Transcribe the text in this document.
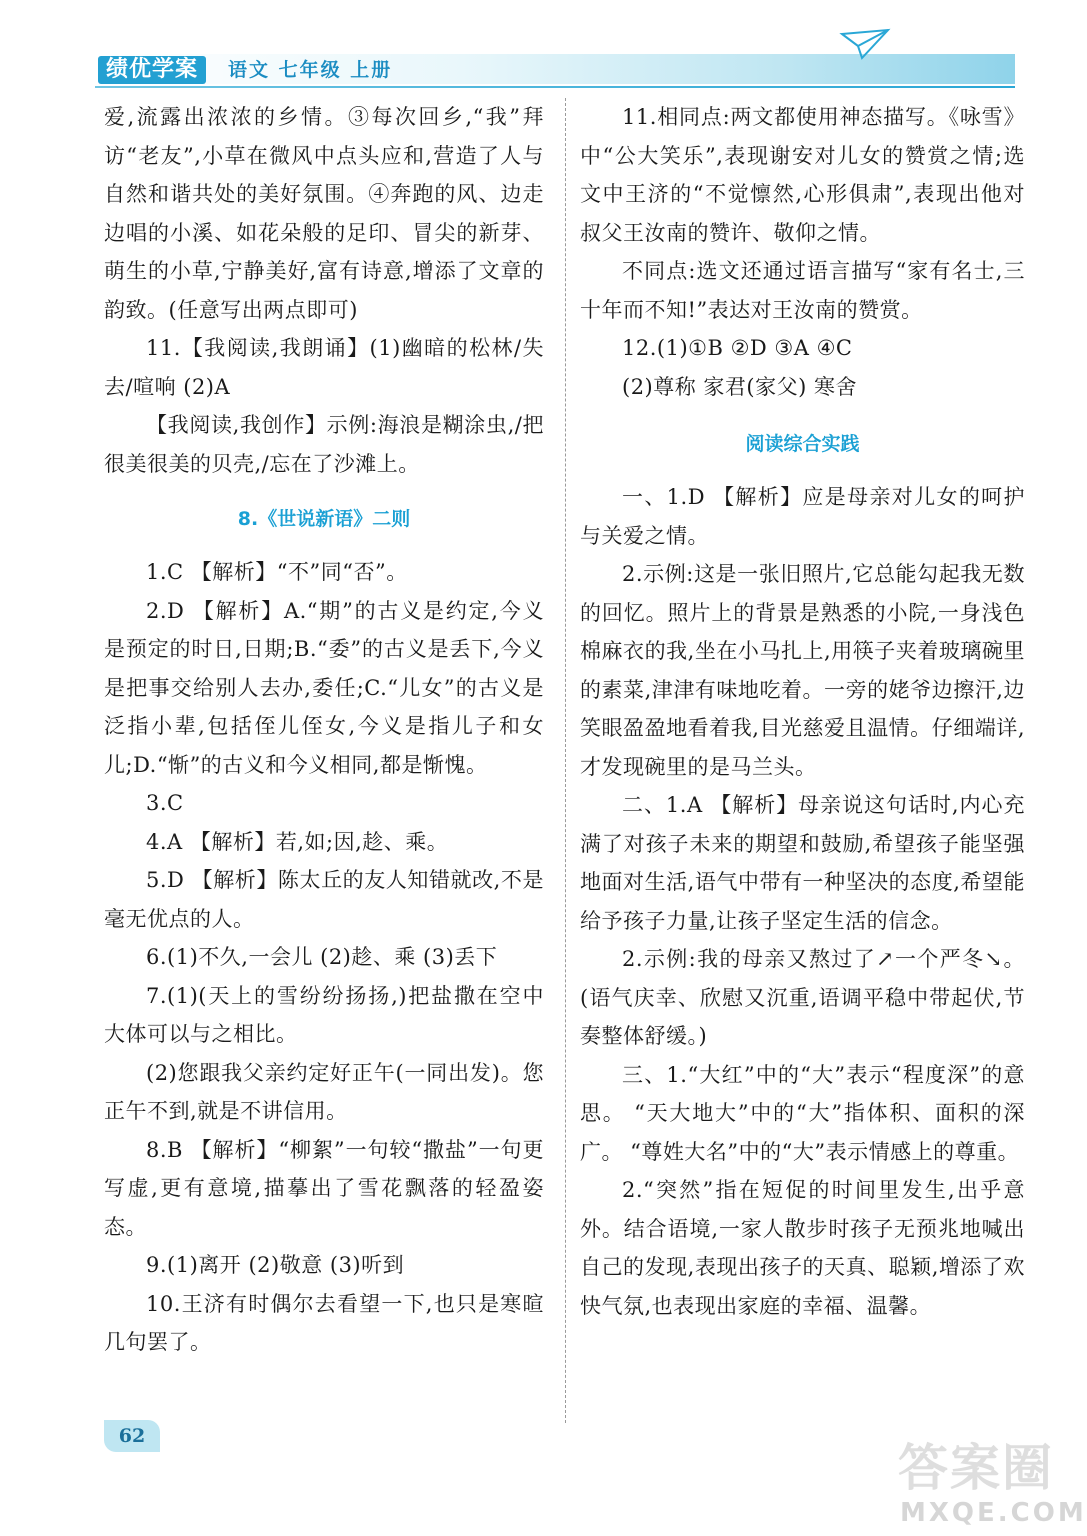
绩优学案	语文 七年级 上册

爱,流露出浓浓的乡情。③每次回乡,“我”拜访“老友”,小草在微风中点头应和,营造了人与自然和谐共处的美好氛围。④奔跑的风、边走边唱的小溪、如花朵般的足印、冒尖的新芽、萌生的小草,宁静美好,富有诗意,增添了文章的韵致。(任意写出两点即可)

11.【我阅读,我朗诵】(1)幽暗的松林/失去/喧响 (2)A

【我阅读,我创作】示例:海浪是糊涂虫,/把很美很美的贝壳,/忘在了沙滩上。

8.《世说新语》二则

1.C 【解析】“不”同“否”。

2.D 【解析】A.“期”的古义是约定,今义是预定的时日,日期;B.“委”的古义是丢下,今义是把事交给别人去办,委任;C.“儿女”的古义是泛指小辈,包括侄儿侄女,今义是指儿子和女儿;D.“惭”的古义和今义相同,都是惭愧。

3.C

4.A 【解析】若,如;因,趁、乘。

5.D 【解析】陈太丘的友人知错就改,不是毫无优点的人。

6.(1)不久,一会儿 (2)趁、乘 (3)丢下

7.(1)(天上的雪纷纷扬扬,)把盐撒在空中大体可以与之相比。

(2)您跟我父亲约定好正午(一同出发)。您正午不到,就是不讲信用。

8.B 【解析】“柳絮”一句较“撒盐”一句更写虚,更有意境,描摹出了雪花飘落的轻盈姿态。

9.(1)离开 (2)敬意 (3)听到

10.王济有时偶尔去看望一下,也只是寒暄几句罢了。

11.相同点:两文都使用神态描写。《咏雪》中“公大笑乐”,表现谢安对儿女的赞赏之情;选文中王济的“不觉懔然,心形俱肃”,表现出他对叔父王汝南的赞许、敬仰之情。

不同点:选文还通过语言描写“家有名士,三十年而不知!”表达对王汝南的赞赏。

12.(1)①B ②D ③A ④C

(2)尊称 家君(家父) 寒舍

阅读综合实践

一、1.D 【解析】应是母亲对儿女的呵护与关爱之情。

2.示例:这是一张旧照片,它总能勾起我无数的回忆。照片上的背景是熟悉的小院,一身浅色棉麻衣的我,坐在小马扎上,用筷子夹着玻璃碗里的素菜,津津有味地吃着。一旁的姥爷边擦汗,边笑眼盈盈地看着我,目光慈爱且温情。仔细端详,才发现碗里的是马兰头。

二、1.A 【解析】母亲说这句话时,内心充满了对孩子未来的期望和鼓励,希望孩子能坚强地面对生活,语气中带有一种坚决的态度,希望能给予孩子力量,让孩子坚定生活的信念。

2.示例:我的母亲又熬过了↗一个严冬↘。(语气庆幸、欣慰又沉重,语调平稳中带起伏,节奏整体舒缓。)

三、1.“大红”中的“大”表示“程度深”的意思。 “天大地大”中的“大”指体积、面积的深广。 “尊姓大名”中的“大”表示情感上的尊重。

2.“突然”指在短促的时间里发生,出乎意外。结合语境,一家人散步时孩子无预兆地喊出自己的发现,表现出孩子的天真、聪颖,增添了欢快气氛,也表现出家庭的幸福、温馨。

62
答案圈
MXQE.COM
